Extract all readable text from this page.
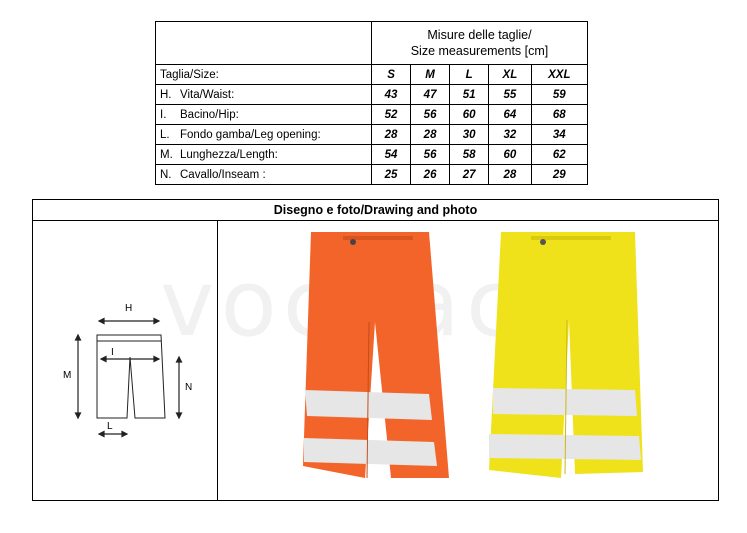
	Misure delle taglie/
Size measurements [cm]				

Taglia/Size:	S	M	L	XL	XXL
H. Vita/Waist:	43	47	51	55	59
I. Bacino/Hip:	52	56	60	64	68
L. Fondo gamba/Leg opening:	28	28	30	32	34
M. Lunghezza/Length:	54	56	58	60	62
N. Cavallo/Inseam :	25	26	27	28	29
Disegno e foto/Drawing and photo
H
I
M
N
L
